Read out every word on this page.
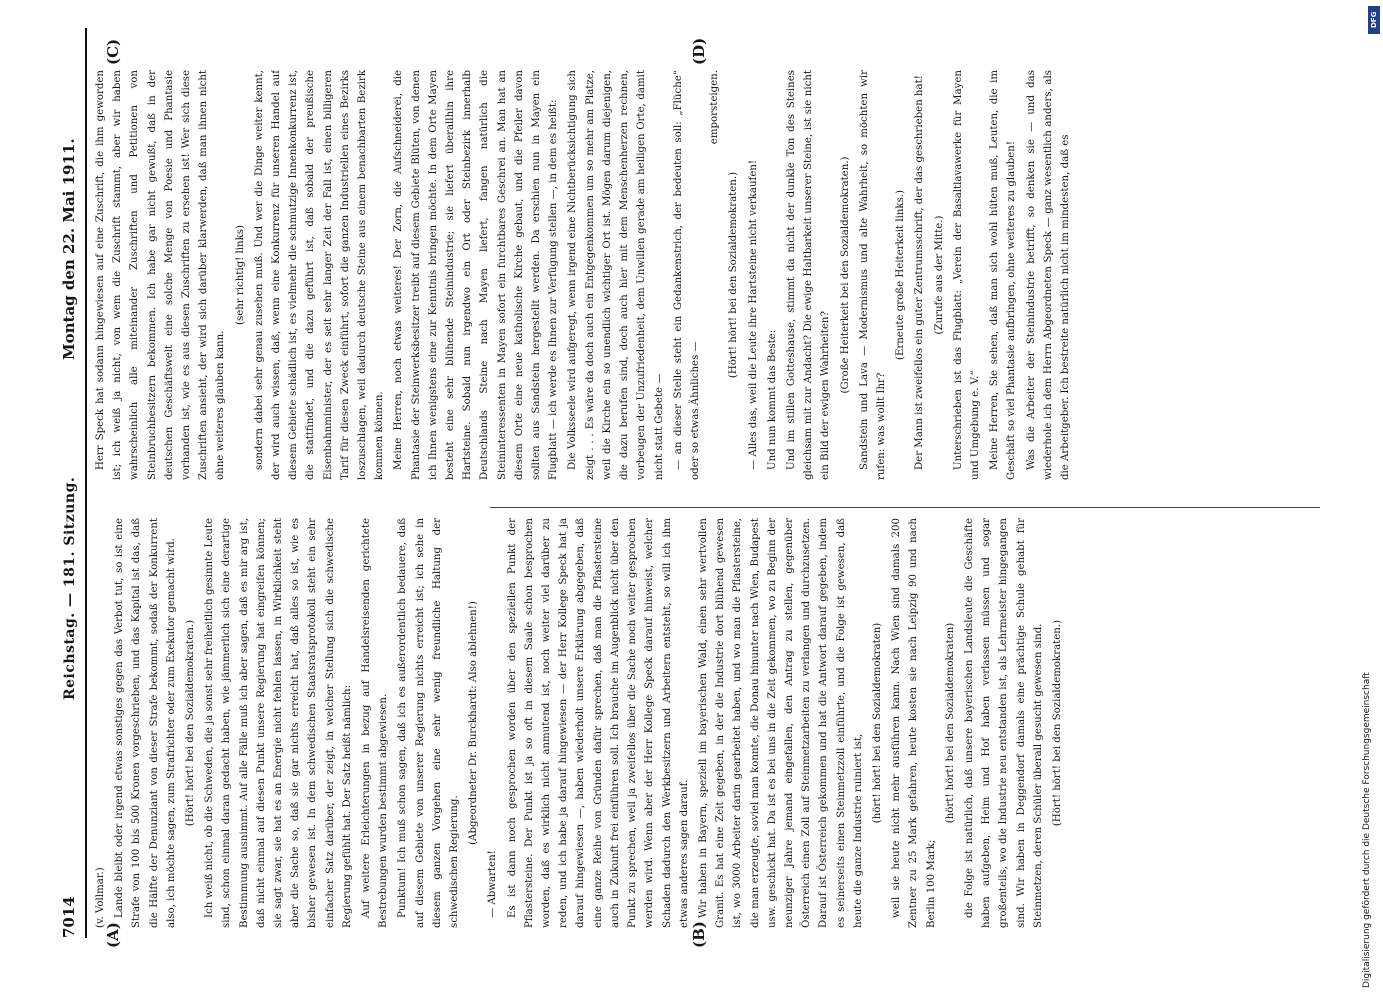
7014
Reichstag. — 181. Sitzung.
Montag den 22. Mai 1911.
(A)	(B)
(C)	(D)

(v. Vollmar.) Lande bleibt oder irgend etwas sonstiges gegen das Verbot tut, so ist eine Strafe von 100 bis 500 Kronen vorgeschrieben, und das Kapital ist das, daß die Hälfte der Denunziant von dieser Strafe bekommt, sodaß der Konkurrent also, ich möchte sagen, zum Strafrichter oder zum Exekutor gemacht wird. (Hört! hört! bei den Sozialdemokraten.) Ich weiß nicht, ob die Schweden, die ja sonst sehr freiheitlich gesinnte Leute sind, schon einmal daran gedacht haben, wie jämmerlich sich eine derartige Bestimmung ausnimmt. Auf alle Fälle muß ich aber sagen, daß es mir arg ist, daß nicht einmal auf diesen Punkt unsere Regierung hat eingreifen können; sie sagt zwar, sie hat es an Energie nicht fehlen lassen, in Wirklichkeit steht aber die Sache so, daß sie gar nichts erreicht hat, daß alles so ist, wie es bisher gewesen ist. In dem schwedischen Staatsratsprotokoll steht ein sehr einfacher Satz darüber, der zeigt, in welcher Stellung sich die schwedische Regierung gefühlt hat. Der Satz heißt nämlich: Auf weitere Erleichterungen in bezug auf Handelsreisenden gerichtete Bestrebungen wurden bestimmt abgewiesen. Punktum! Ich muß schon sagen, daß ich es außerordentlich bedauere, daß auf diesem Gebiete von unserer Regierung nichts erreicht ist; ich sehe in diesem ganzen Vorgehen eine sehr wenig freundliche Haltung der schwedischen Regierung.

(Abgeordneter Dr. Burckhardt: Also ablehnen!)

— Abwarten! Es ist dann noch gesprochen worden über den speziellen Punkt der Pflastersteine. Der Punkt ist ja so oft in diesem Saale schon besprochen worden, daß es wirklich nicht anmutend ist, noch weiter viel darüber zu reden, und ich habe ja darauf hingewiesen — der Herr Kollege Speck hat ja darauf hingewiesen —, haben wiederholt unsere Erklärung abgegeben, daß eine ganze Reihe von Gründen dafür sprechen, daß man die Pflastersteine auch in Zukunft frei einführen soll. Ich brauche im Augenblick nicht über den Punkt zu sprechen, weil ja zweifellos über die Sache noch weiter gesprochen werden wird. Wenn aber der Herr Kollege Speck darauf hinweist, welcher Schaden dadurch den Werkbesitzern und Arbeitern entsteht, so will ich ihm etwas anderes sagen darauf. Wir haben in Bayern, speziell im bayerischen Wald, einen sehr wertvollen Granit. Es hat eine Zeit gegeben, in der die Industrie dort blühend gewesen ist, wo 3000 Arbeiter darin gearbeitet haben, und wo man die Pflastersteine, die man erzeugte, soviel man konnte, die Donau hinunter nach Wien, Budapest usw. geschickt hat. Da ist es bei uns in die Zeit gekommen, wo zu Beginn der neunziger Jahre jemand eingefallen, den Antrag zu stellen, gegenüber Österreich einen Zoll auf Steinmetzarbeiten zu verlangen und durchzusetzen. Darauf ist Österreich gekommen und hat die Antwort darauf gegeben, indem es seinerseits einen Steinmetzzoll einführte, und die Folge ist gewesen, daß heute die ganze Industrie ruiniert ist,

(hört! hört! bei den Sozialdemokraten) weil sie heute nicht mehr ausführen kann. Nach Wien sind damals 200 Zentner zu 25 Mark gefahren, heute kosten sie nach Leipzig 90 und nach Berlin 100 Mark;

(hört! hört! bei den Sozialdemokraten) die Folge ist natürlich, daß unsere bayerischen Landsleute die Geschäfte haben aufgeben, Heim und Hof haben verlassen müssen und sogar großenteils, wo die Industrie neu entstanden ist, als Lehrmeister hingegangen sind. Wir haben in Deggendorf damals eine prächtige Schule gehabt für Steinmetzen, deren Schüler überall gesucht gewesen sind. (Hört! hört! bei den Sozialdemokraten.)

Herr Speck hat sodann hingewiesen auf eine Zuschrift, die ihm geworden ist; ich weiß ja nicht, von wem die Zuschrift stammt, aber wir haben wahrscheinlich alle miteinander Zuschriften und Petitionen von Steinbruchbesitzern bekommen. Ich habe gar nicht gewußt, daß in der deutschen Geschäftswelt eine solche Menge von Poesie und Phantasie vorhanden ist, wie es aus diesen Zuschriften zu ersehen ist! Wer sich diese Zuschriften ansieht, der wird sich darüber klarwerden, daß man ihnen nicht ohne weiteres glauben kann.

(sehr richtig! links) sondern dabei sehr genau zusehen muß. Und wer die Dinge weiter kennt, der wird auch wissen, daß, wenn eine Konkurrenz für unseren Handel auf diesem Gebiete schädlich ist, es vielmehr die schmutzige Innenkonkurrenz ist, die stattfindet, und die dazu geführt ist, daß sobald der preußische Eisenbahnminister, der es seit sehr langer Zeit der Fall ist, einen billigeren Tarif für diesen Zweck einführt, sofort die ganzen Industriellen eines Bezirks loszuschlagen, weil dadurch deutsche Steine aus einem benachbarten Bezirk kommen können. Meine Herren, noch etwas weiteres! Der Zorn, die Aufschneiderei, die Phantasie der Steinwerksbesitzer treibt auf diesem Gebiete Blüten, von denen ich Ihnen wenigstens eine zur Kenntnis bringen möchte. In dem Orte Mayen besteht eine sehr blühende Steinindustrie; sie liefert überallhin ihre Hartsteine. Sobald nun irgendwo ein Ort oder Steinbezirk innerhalb Deutschlands Steine nach Mayen liefert, fangen natürlich die Steininteressenten in Mayen sofort ein furchtbares Geschrei an. Man hat an diesem Orte eine neue katholische Kirche gebaut, und die Pfeiler davon sollten aus Sandstein hergestellt werden. Da erschien nun in Mayen ein Flugblatt — ich werde es Ihnen zur Verfügung stellen —, in dem es heißt: Die Volksseele wird aufgeregt, wenn irgend eine Nichtberücksichtigung sich zeigt . . . Es wäre da doch auch ein Entgegenkommen um so mehr am Platze, weil die Kirche ein so unendlich wichtiger Ort ist. Mögen darum diejenigen, die dazu berufen sind, doch auch hier mit dem Menschenherzen rechnen, vorbeugen der Unzufriedenheit, dem Unwillen gerade am heiligen Orte, damit nicht statt Gebete — — an dieser Stelle steht ein Gedankenstrich, der bedeuten soll: „Flüche“ oder so etwas Ähnliches —

emporsteigen.

(Hört! hört! bei den Sozialdemokraten.) — Alles das, weil die Leute ihre Hartsteine nicht verkaufen! Und nun kommt das Beste: Und im stillen Gotteshause, stimmt da nicht der dunkle Ton des Steines gleichsam mit zur Andacht? Die ewige Haltbarkeit unserer Steine, ist sie nicht ein Bild der ewigen Wahrheiten?

(Große Heiterkeit bei den Sozialdemokraten.) Sandstein und Lava — Modernismus und alte Wahrheit, so möchten wir rufen: was wollt Ihr?

(Erneute große Heiterkeit links.) Der Mann ist zweifellos ein guter Zentrumsschrift, der das geschrieben hat! (Zurufe aus der Mitte.) Unterschrieben ist das Flugblatt: „Verein der Basaltlavawerke für Mayen und Umgebung e. V.“ Meine Herren, Sie sehen, daß man sich wohl hüten muß, Leuten, die im Geschäft so viel Phantasie aufbringen, ohne weiteres zu glauben! Was die Arbeiter der Steinindustrie betrifft, so denken sie — und das wiederhole ich dem Herrn Abgeordneten Speck — ganz wesentlich anders, als die Arbeitgeber. Ich bestreite natürlich nicht im mindesten, daß es

DFG
Digitalisierung gefördert durch die Deutsche Forschungsgemeinschaft
